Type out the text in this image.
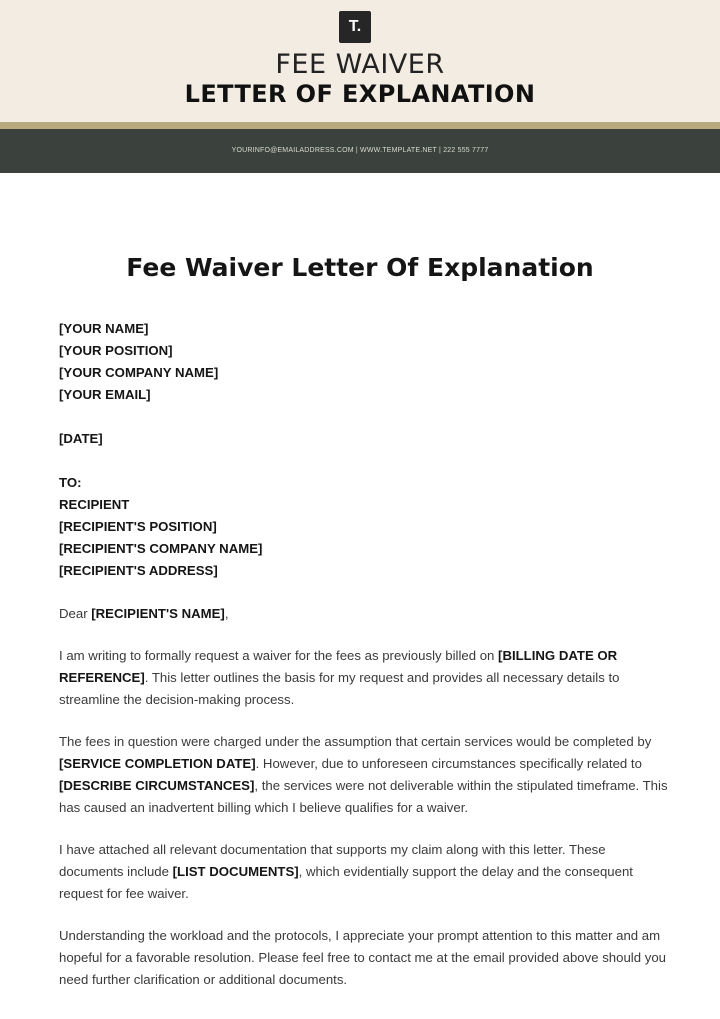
T.
FEE WAIVER
LETTER OF EXPLANATION
YOURINFO@EMAILADDRESS.COM | WWW.TEMPLATE.NET | 222 555 7777
Fee Waiver Letter Of Explanation
[YOUR NAME]
[YOUR POSITION]
[YOUR COMPANY NAME]
[YOUR EMAIL]
[DATE]
TO:
RECIPIENT
[RECIPIENT'S POSITION]
[RECIPIENT'S COMPANY NAME]
[RECIPIENT'S ADDRESS]

Dear [RECIPIENT'S NAME],

I am writing to formally request a waiver for the fees as previously billed on [BILLING DATE OR REFERENCE]. This letter outlines the basis for my request and provides all necessary details to streamline the decision-making process.

The fees in question were charged under the assumption that certain services would be completed by [SERVICE COMPLETION DATE]. However, due to unforeseen circumstances specifically related to [DESCRIBE CIRCUMSTANCES], the services were not deliverable within the stipulated timeframe. This has caused an inadvertent billing which I believe qualifies for a waiver.

I have attached all relevant documentation that supports my claim along with this letter. These documents include [LIST DOCUMENTS], which evidentially support the delay and the consequent request for fee waiver.

Understanding the workload and the protocols, I appreciate your prompt attention to this matter and am hopeful for a favorable resolution. Please feel free to contact me at the email provided above should you need further clarification or additional documents.
